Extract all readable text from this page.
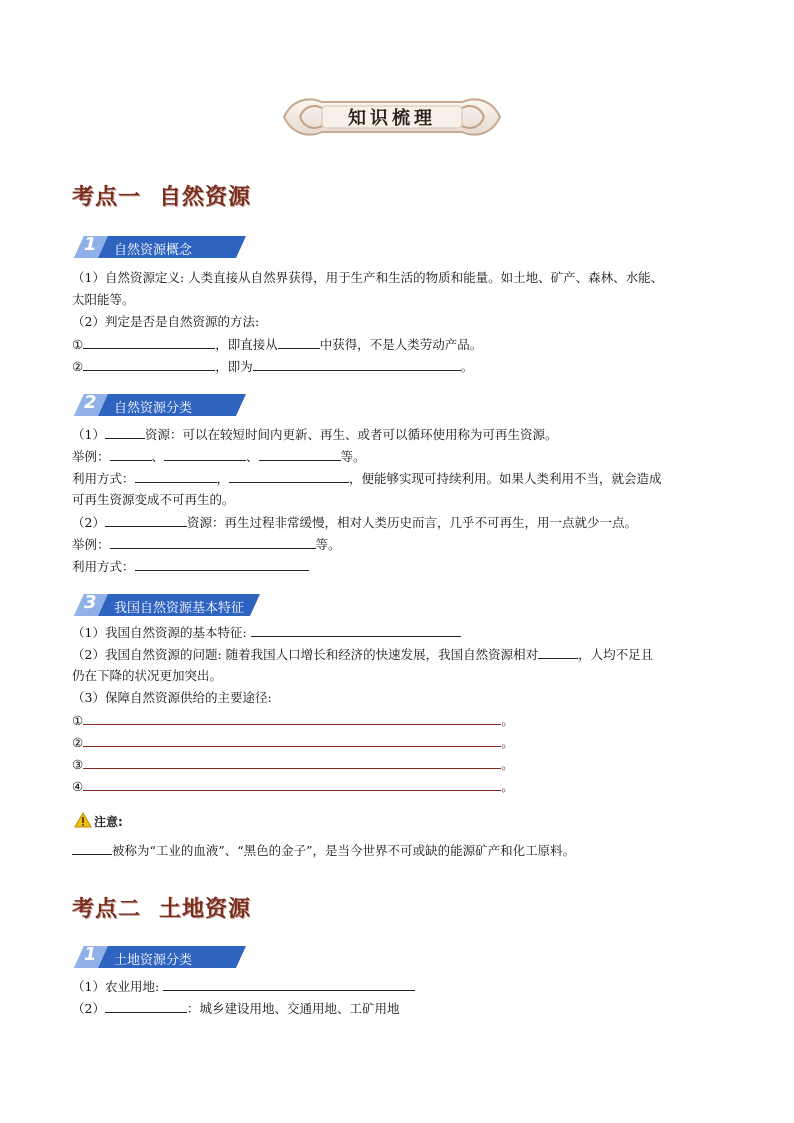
知识梳理
考点一 自然资源
1 自然资源概念
（1）自然资源定义: 人类直接从自然界获得，用于生产和生活的物质和能量。如土地、矿产、森林、水能、
太阳能等。
（2）判定是否是自然资源的方法:
①	，即直接从	中获得，不是人类劳动产品。
②	，即为	。
2 自然资源分类
（1）	资源：可以在较短时间内更新、再生、或者可以循环使用称为可再生资源。
举例：	、	、	等。
利用方式：	，	，便能够实现可持续利用。如果人类利用不当，就会造成
可再生资源变成不可再生的。
（2）	资源：再生过程非常缓慢，相对人类历史而言，几乎不可再生，用一点就少一点。
举例：	等。
利用方式：
3 我国自然资源基本特征
（1）我国自然资源的基本特征:
（2）我国自然资源的问题: 随着我国人口增长和经济的快速发展，我国自然资源相对	，人均不足且
仍在下降的状况更加突出。
（3）保障自然资源供给的主要途径:
①	。
②	。
③	。
④	。
注意:
被称为“工业的血液”、“黑色的金子”，是当今世界不可或缺的能源矿产和化工原料。
考点二 土地资源
1 土地资源分类
（1）农业用地:
（2）	：城乡建设用地、交通用地、工矿用地
